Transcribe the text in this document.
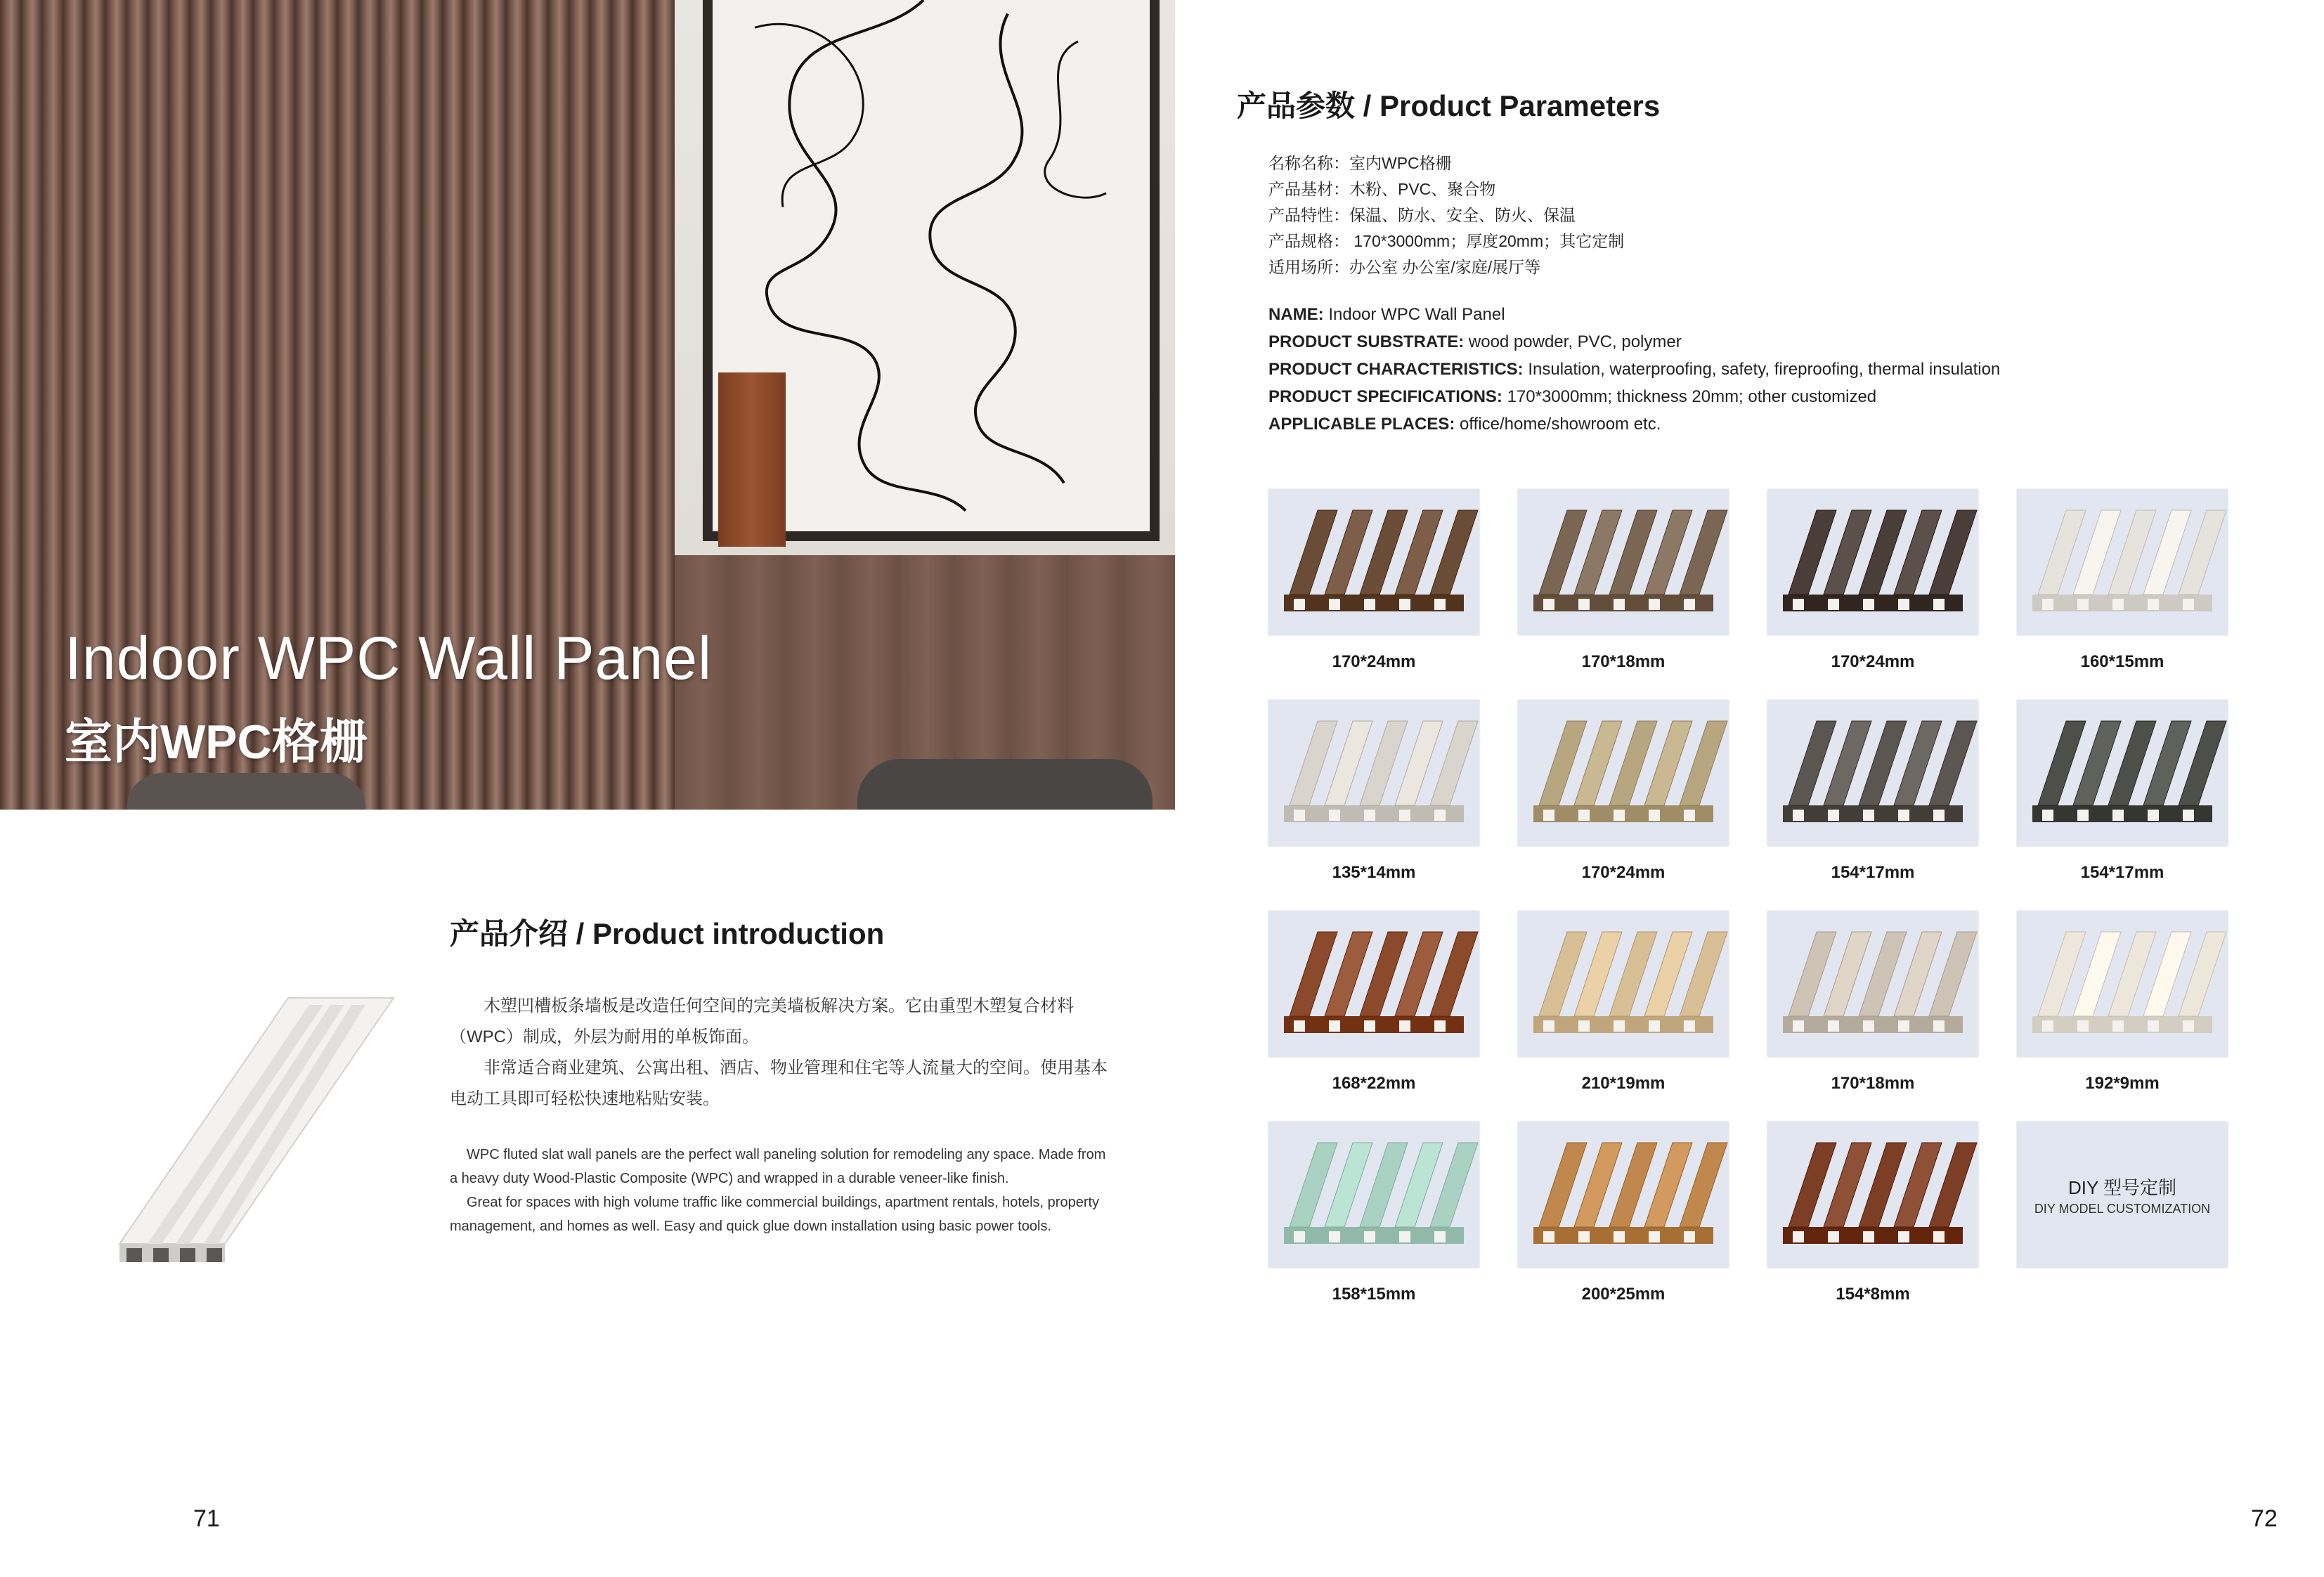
Indoor WPC Wall Panel
室内WPC格栅
产品介绍 / Product introduction

木塑凹槽板条墙板是改造任何空间的完美墙板解决方案。它由重型木塑复合材料（WPC）制成，外层为耐用的单板饰面。

非常适合商业建筑、公寓出租、酒店、物业管理和住宅等人流量大的空间。使用基本电动工具即可轻松快速地粘贴安装。

WPC fluted slat wall panels are the perfect wall paneling solution for remodeling any space. Made from a heavy duty Wood-Plastic Composite (WPC) and wrapped in a durable veneer-like finish.

Great for spaces with high volume traffic like commercial buildings, apartment rentals, hotels, property management, and homes as well. Easy and quick glue down installation using basic power tools.

产品参数 / Product Parameters
名称名称：室内WPC格栅
产品基材：木粉、PVC、聚合物
产品特性：保温、防水、安全、防火、保温
产品规格： 170*3000mm；厚度20mm；其它定制
适用场所：办公室 办公室/家庭/展厅等
NAME: Indoor WPC Wall Panel
PRODUCT SUBSTRATE: wood powder, PVC, polymer
PRODUCT CHARACTERISTICS: Insulation, waterproofing, safety, fireproofing, thermal insulation
PRODUCT SPECIFICATIONS: 170*3000mm; thickness 20mm; other customized
APPLICABLE PLACES: office/home/showroom etc.
170*24mm	170*18mm	170*24mm	160*15mm
135*14mm	170*24mm	154*17mm	154*17mm
168*22mm	210*19mm	170*18mm	192*9mm
158*15mm	200*25mm	154*8mm
DIY 型号定制
DIY MODEL CUSTOMIZATION
71	72
